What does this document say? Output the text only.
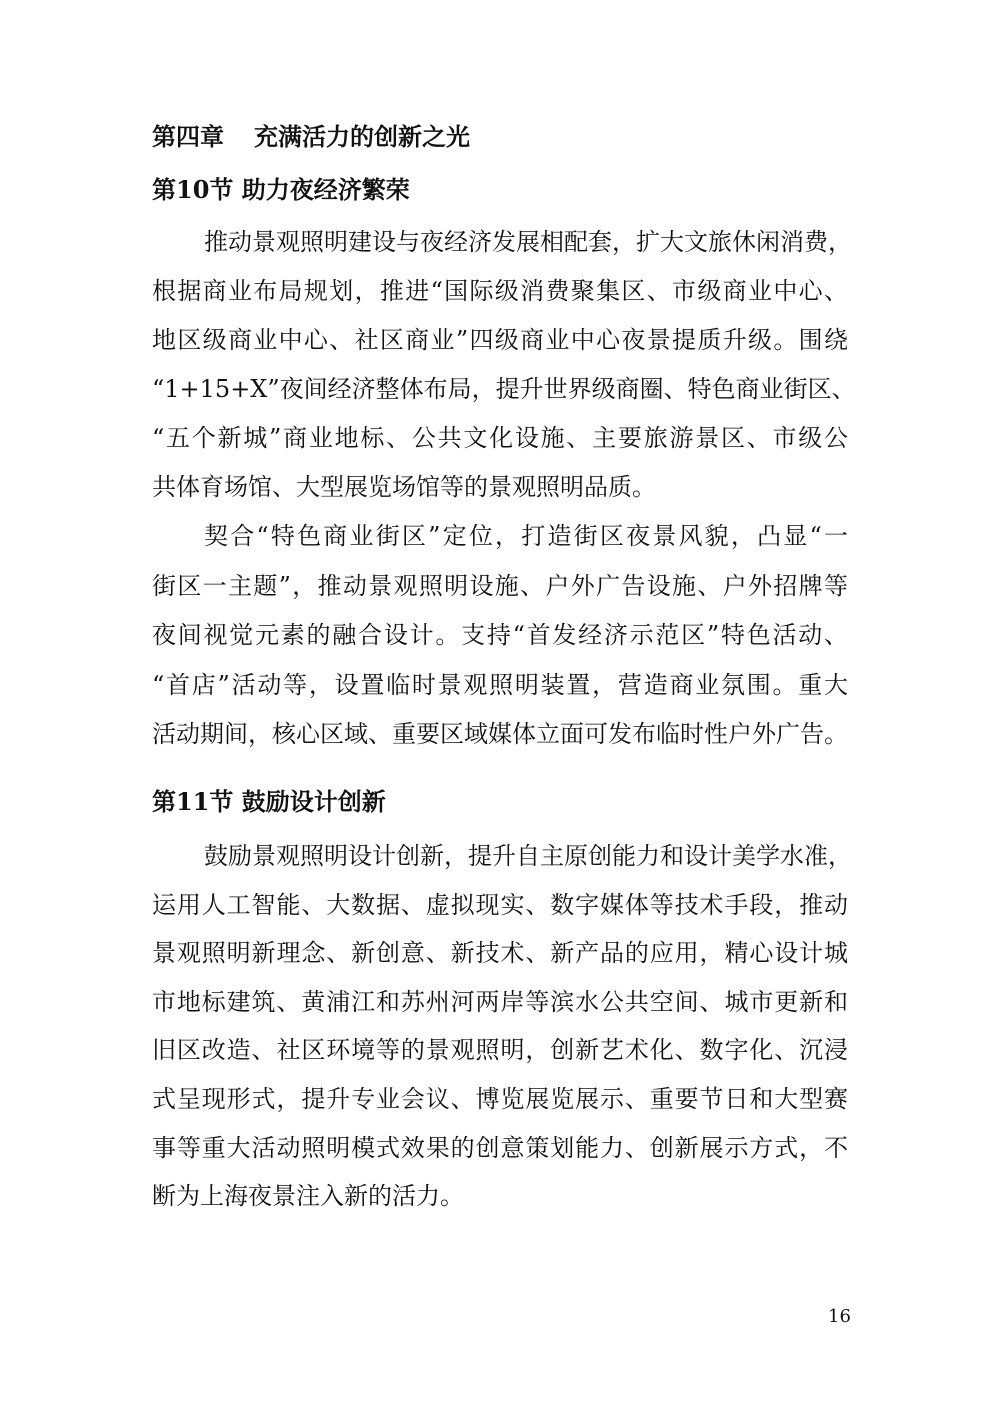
第四章 充满活力的创新之光
第10节 助力夜经济繁荣
推动景观照明建设与夜经济发展相配套，扩大文旅休闲消费，
根据商业布局规划，推进“国际级消费聚集区、市级商业中心、
地区级商业中心、社区商业”四级商业中心夜景提质升级。围绕
“1+15+X”夜间经济整体布局，提升世界级商圈、特色商业街区、
“五个新城”商业地标、公共文化设施、主要旅游景区、市级公
共体育场馆、大型展览场馆等的景观照明品质。
契合“特色商业街区”定位，打造街区夜景风貌，凸显“一
街区一主题”，推动景观照明设施、户外广告设施、户外招牌等
夜间视觉元素的融合设计。支持“首发经济示范区”特色活动、
“首店”活动等，设置临时景观照明装置，营造商业氛围。重大
活动期间，核心区域、重要区域媒体立面可发布临时性户外广告。
第11节 鼓励设计创新
鼓励景观照明设计创新，提升自主原创能力和设计美学水准，
运用人工智能、大数据、虚拟现实、数字媒体等技术手段，推动
景观照明新理念、新创意、新技术、新产品的应用，精心设计城
市地标建筑、黄浦江和苏州河两岸等滨水公共空间、城市更新和
旧区改造、社区环境等的景观照明，创新艺术化、数字化、沉浸
式呈现形式，提升专业会议、博览展览展示、重要节日和大型赛
事等重大活动照明模式效果的创意策划能力、创新展示方式，不
断为上海夜景注入新的活力。
16
